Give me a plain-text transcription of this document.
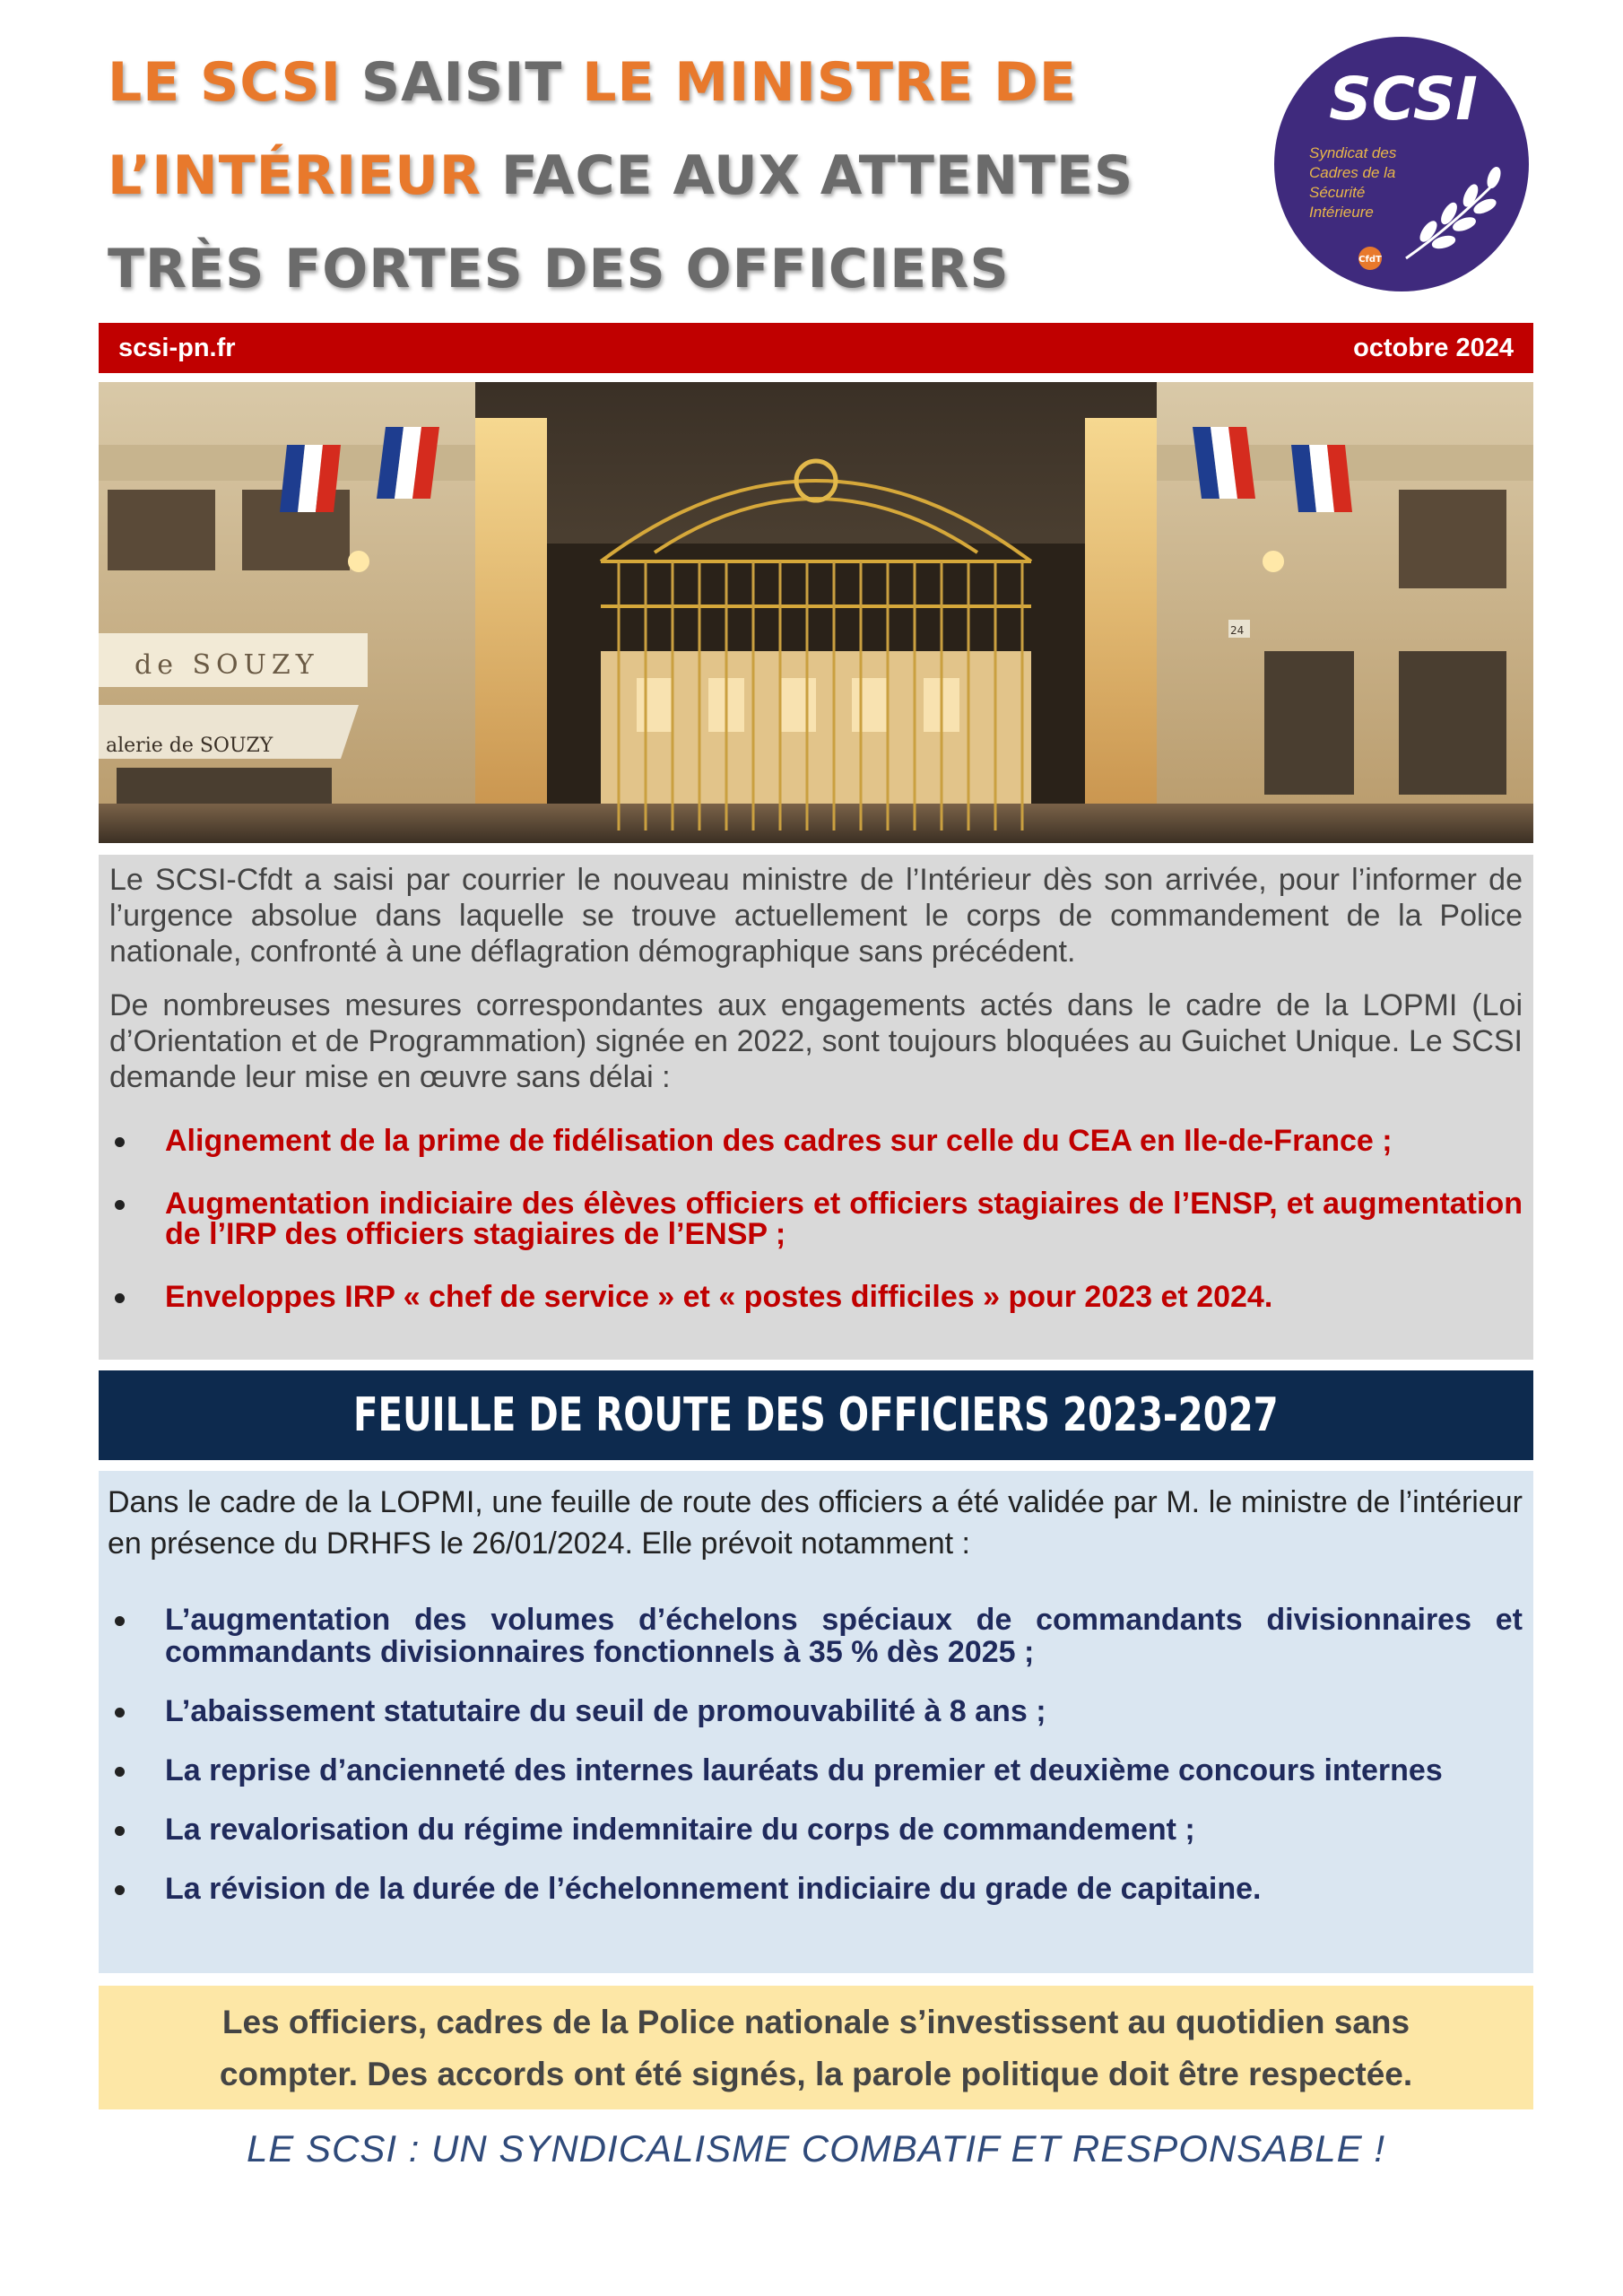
LE SCSI SAISIT LE MINISTRE DE
L’INTÉRIEUR FACE AUX ATTENTES
TRÈS FORTES DES OFFICIERS
SCSI
Syndicat des
Cadres de la
Sécurité
Intérieure
CfdT
scsi-pn.fr	octobre 2024
de SOUZY
alerie de SOUZY
24

Le SCSI-Cfdt a saisi par courrier le nouveau ministre de l’Intérieur dès son arrivée, pour l’informer de l’urgence absolue dans laquelle se trouve actuellement le corps de commandement de la Police nationale, confronté à une déflagration démographique sans précédent.

De nombreuses mesures correspondantes aux engagements actés dans le cadre de la LOPMI (Loi d’Orientation et de Programmation) signée en 2022, sont toujours bloquées au Guichet Unique. Le SCSI demande leur mise en œuvre sans délai :

Alignement de la prime de fidélisation des cadres sur celle du CEA en Ile-de-France ;
Augmentation indiciaire des élèves officiers et officiers stagiaires de l’ENSP, et augmentation de l’IRP des officiers stagiaires de l’ENSP ;
Enveloppes IRP « chef de service » et « postes difficiles » pour 2023 et 2024.
FEUILLE DE ROUTE DES OFFICIERS 2023-2027

Dans le cadre de la LOPMI, une feuille de route des officiers a été validée par M. le ministre de l’intérieur en présence du DRHFS le 26/01/2024. Elle prévoit notamment :

L’augmentation des volumes d’échelons spéciaux de commandants divisionnaires et commandants divisionnaires fonctionnels à 35 % dès 2025 ;
L’abaissement statutaire du seuil de promouvabilité à 8 ans ;
La reprise d’ancienneté des internes lauréats du premier et deuxième concours internes
La revalorisation du régime indemnitaire du corps de commandement ;
La révision de la durée de l’échelonnement indiciaire du grade de capitaine.
Les officiers, cadres de la Police nationale s’investissent au quotidien sans
compter. Des accords ont été signés, la parole politique doit être respectée.
LE SCSI : UN SYNDICALISME COMBATIF ET RESPONSABLE !
